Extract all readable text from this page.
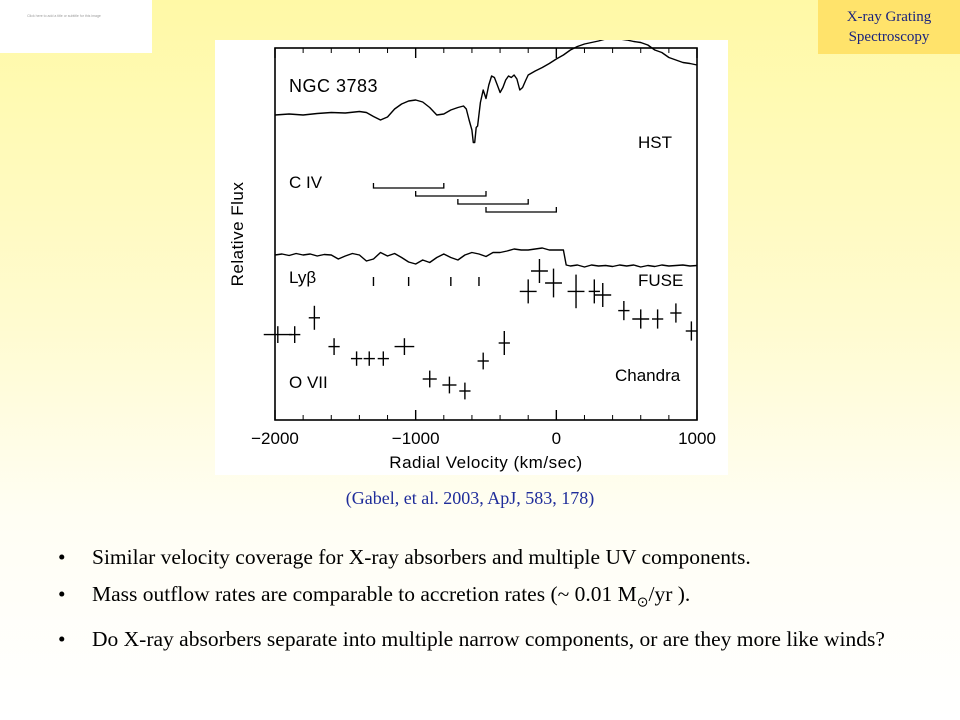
Click here to add a title or subtitle for this image	X-ray Grating
Spectroscopy
−2000	−1000	0	1000
Radial Velocity (km/sec)
Relative Flux
NGC 3783
HST
C IV
FUSE
Lyβ
Chandra
O VII
(Gabel, et al. 2003, ApJ, 583, 178)
• Similar velocity coverage for X-ray absorbers and multiple UV components.
• Mass outflow rates are comparable to accretion rates (~ 0.01 $M_⊙/yr$ ).
• Do X-ray absorbers separate into multiple narrow components, or are they more like winds?
